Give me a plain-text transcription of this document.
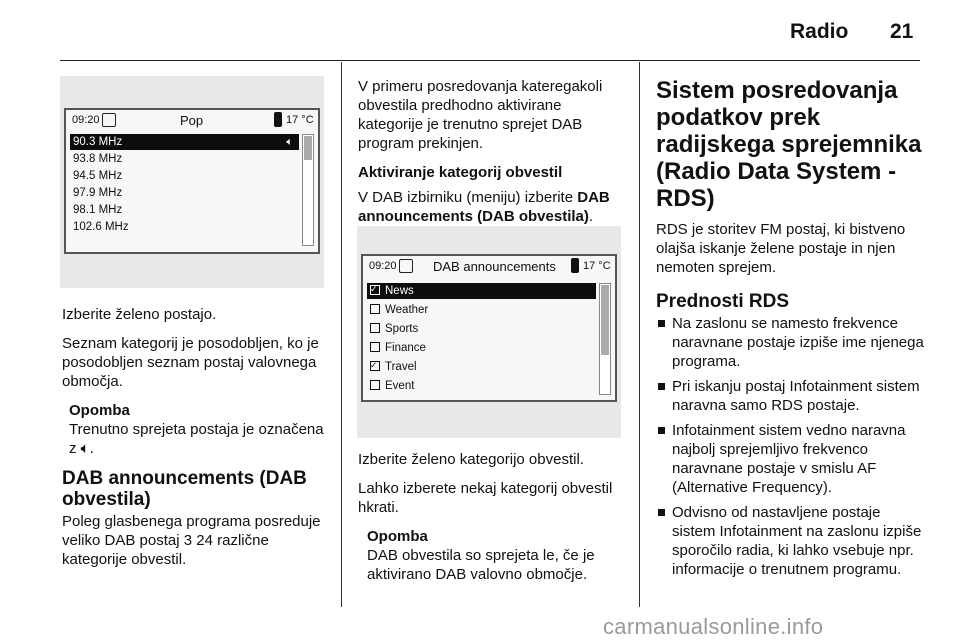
Radio 21
09:20	Pop	17 °C
90.3 MHz	🔈︎
93.8 MHz
94.5 MHz
97.9 MHz
98.1 MHz
102.6 MHz

Izberite želeno postajo.

Seznam kategorij je posodobljen, ko je posodobljen seznam postaj valovnega območja.

Opomba
Trenutno sprejeta postaja je označena z 🔈︎.
DAB announcements (DAB obvestila)

Poleg glasbenega programa posreduje veliko DAB postaj 3 24 različne kategorije obvestil.

V primeru posredovanja kateregakoli obvestila predhodno aktivirane kategorije je trenutno sprejet DAB program prekinjen.

Aktiviranje kategorij obvestil

V DAB izbirniku (meniju) izberite DAB announcements (DAB obvestila).

09:20	DAB announcements 17 °C
✓News
Weather
Sports
Finance
✓Travel
Event

Izberite želeno kategorijo obvestil.

Lahko izberete nekaj kategorij obvestil hkrati.

Opomba
DAB obvestila so sprejeta le, če je aktivirano DAB valovno območje.
Sistem posredovanja podatkov prek radijskega sprejemnika (Radio Data System - RDS)

RDS je storitev FM postaj, ki bistveno olajša iskanje želene postaje in njen nemoten sprejem.

Prednosti RDS
Na zaslonu se namesto frekvence naravnane postaje izpiše ime njenega programa.
Pri iskanju postaj Infotainment sistem naravna samo RDS postaje.
Infotainment sistem vedno naravna najbolj sprejemljivo frekvenco naravnane postaje v smislu AF (Alternative Frequency).
Odvisno od nastavljene postaje sistem Infotainment na zaslonu izpiše sporočilo radia, ki lahko vsebuje npr. informacije o trenutnem programu.
carmanualsonline.info
